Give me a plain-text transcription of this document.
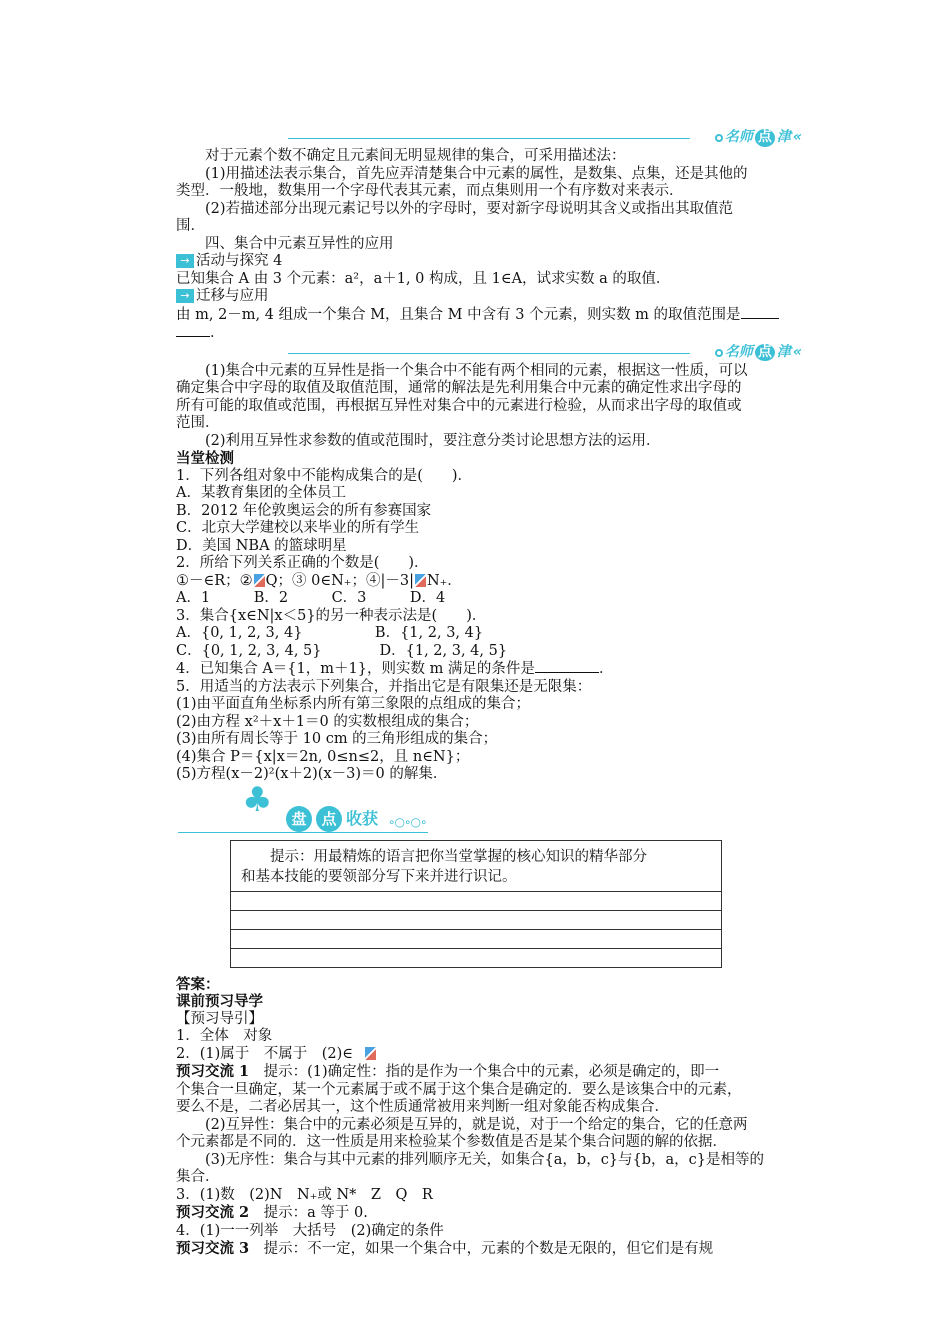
名师 点 津 «
对于元素个数不确定且元素间无明显规律的集合，可采用描述法：
(1)用描述法表示集合，首先应弄清楚集合中元素的属性，是数集、点集，还是其他的
类型．一般地，数集用一个字母代表其元素，而点集则用一个有序数对来表示．
(2)若描述部分出现元素记号以外的字母时，要对新字母说明其含义或指出其取值范
围．
四、集合中元素互异性的应用
→ 活动与探究 4
已知集合 A 由 3 个元素：a²，a＋1, 0 构成，且 1∈A，试求实数 a 的取值．
→ 迁移与应用
由 m, 2－m, 4 组成一个集合 M，且集合 M 中含有 3 个元素，则实数 m 的取值范围是
．
名师 点 津 «
(1)集合中元素的互异性是指一个集合中不能有两个相同的元素，根据这一性质，可以
确定集合中字母的取值及取值范围，通常的解法是先利用集合中元素的确定性求出字母的
所有可能的取值或范围，再根据互异性对集合中的元素进行检验，从而求出字母的取值或
范围．
(2)利用互异性求参数的值或范围时，要注意分类讨论思想方法的运用．
当堂检测
1．下列各组对象中不能构成集合的是(　　)．
A．某教育集团的全体员工
B．2012 年伦敦奥运会的所有参赛国家
C．北京大学建校以来毕业的所有学生
D．美国 NBA 的篮球明星
2．所给下列关系正确的个数是(　　)．
①－∈R；② Q；③ 0∈N₊；④|－3| N₊．
A．1　　　B．2　　　C．3　　　D．4
3．集合{x∈N|x＜5}的另一种表示法是(　　)．
A．{0, 1, 2, 3, 4}　　　　　B．{1, 2, 3, 4}
C．{0, 1, 2, 3, 4, 5}　　　　D．{1, 2, 3, 4, 5}
4．已知集合 A＝{1，m＋1}，则实数 m 满足的条件是	．
5．用适当的方法表示下列集合，并指出它是有限集还是无限集：
(1)由平面直角坐标系内所有第三象限的点组成的集合；
(2)由方程 x²＋x＋1＝0 的实数根组成的集合；
(3)由所有周长等于 10 cm 的三角形组成的集合；
(4)集合 P＝{x|x＝2n, 0≤n≤2，且 n∈N}；
(5)方程(x－2)²(x＋2)(x－3)＝0 的解集．
♣	盘 点 收获 ∘○∘○∘
提示：用最精炼的语言把你当堂掌握的核心知识的精华部分
和基本技能的要领部分写下来并进行识记。
答案：
课前预习导学
【预习导引】
1．全体　对象
2．(1)属于　不属于　(2)∈
预习交流 1　 提示：(1)确定性：指的是作为一个集合中的元素，必须是确定的，即一
个集合一旦确定，某一个元素属于或不属于这个集合是确定的．要么是该集合中的元素，
要么不是，二者必居其一，这个性质通常被用来判断一组对象能否构成集合．
(2)互异性：集合中的元素必须是互异的，就是说，对于一个给定的集合，它的任意两
个元素都是不同的．这一性质是用来检验某个参数值是否是某个集合问题的解的依据．
(3)无序性：集合与其中元素的排列顺序无关，如集合{a，b，c}与{b，a，c}是相等的
集合．
3．(1)数　(2)N　N₊或 N*　Z　Q　R
预习交流 2　 提示：a 等于 0.
4．(1)一一列举　大括号　(2)确定的条件
预习交流 3　 提示：不一定，如果一个集合中，元素的个数是无限的，但它们是有规
